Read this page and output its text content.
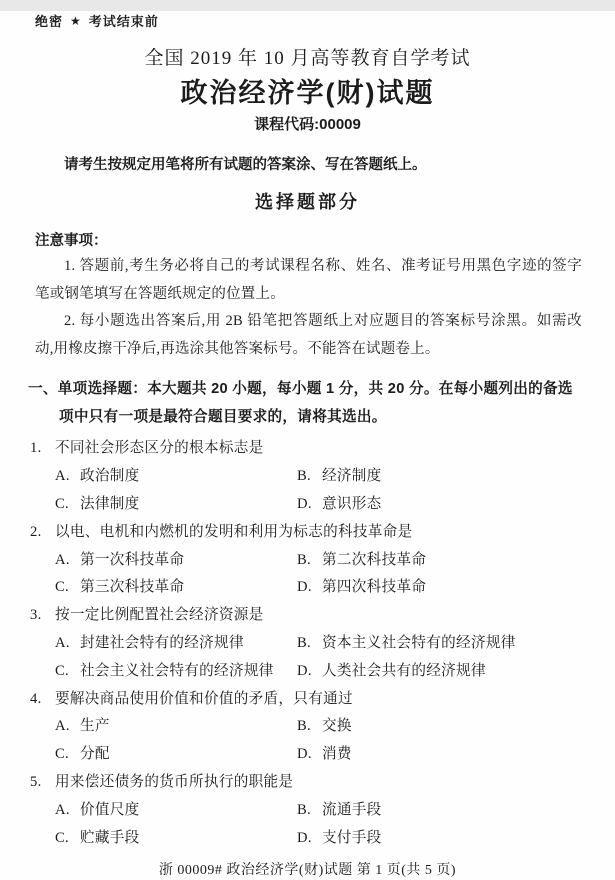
绝密 ★ 考试结束前
全国 2019 年 10 月高等教育自学考试
政治经济学(财)试题
课程代码:00009
请考生按规定用笔将所有试题的答案涂、写在答题纸上。
选择题部分
注意事项：
1. 答题前,考生务必将自己的考试课程名称、姓名、准考证号用黑色字迹的签字笔或钢笔填写在答题纸规定的位置上。
2. 每小题选出答案后,用 2B 铅笔把答题纸上对应题目的答案标号涂黑。如需改动,用橡皮擦干净后,再选涂其他答案标号。不能答在试题卷上。
一、单项选择题：本大题共 20 小题，每小题 1 分，共 20 分。在每小题列出的备选项中只有一项是最符合题目要求的，请将其选出。
1. 不同社会形态区分的根本标志是
A. 政治制度	B. 经济制度
C. 法律制度	D. 意识形态
2. 以电、电机和内燃机的发明和利用为标志的科技革命是
A. 第一次科技革命	B. 第二次科技革命
C. 第三次科技革命	D. 第四次科技革命
3. 按一定比例配置社会经济资源是
A. 封建社会特有的经济规律	B. 资本主义社会特有的经济规律
C. 社会主义社会特有的经济规律 D. 人类社会共有的经济规律
4. 要解决商品使用价值和价值的矛盾，只有通过
A. 生产	B. 交换
C. 分配	D. 消费
5. 用来偿还债务的货币所执行的职能是
A. 价值尺度	B. 流通手段
C. 贮藏手段	D. 支付手段
浙 00009# 政治经济学(财)试题 第 1 页(共 5 页)
